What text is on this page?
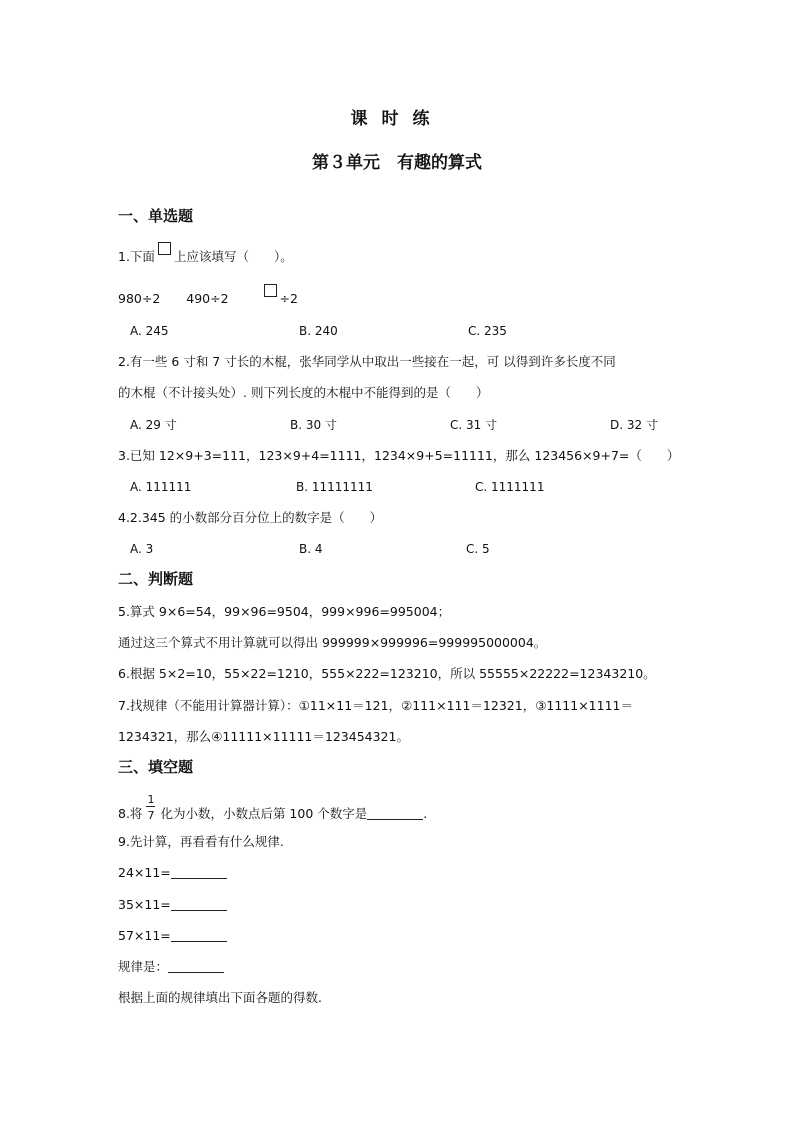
课时练
第３单元　有趣的算式
一、单选题
1.下面 上应该填写（　　）。
980÷2 490÷2	÷2
A. 245	B. 240	C. 235
2.有一些 6 寸和 7 寸长的木棍，张华同学从中取出一些接在一起，可 以得到许多长度不同
的木棍（不计接头处）. 则下列长度的木棍中不能得到的是（　　）
A. 29 寸	B. 30 寸	C. 31 寸	D. 32 寸
3.已知 12×9+3=111，123×9+4=1111，1234×9+5=11111，那么 123456×9+7=（　　）
A. 111111	B. 11111111	C. 1111111
4.2.345 的小数部分百分位上的数字是（　　）
A. 3	B. 4	C. 5
二、判断题
5.算式 9×6=54，99×96=9504，999×996=995004；
通过这三个算式不用计算就可以得出 999999×999996=999995000004。
6.根据 5×2=10，55×22=1210，555×222=123210，所以 55555×22222=12343210。
7.找规律（不能用计算器计算）：①11×11＝121，②111×111＝12321，③1111×1111＝
1234321，那么④11111×11111＝123454321。
三、填空题
8.将 $\frac{1}{7}$ 化为小数，小数点后第 100 个数字是	.
9.先计算，再看看有什么规律.
24×11=
35×11=
57×11=
规律是：
根据上面的规律填出下面各题的得数.
